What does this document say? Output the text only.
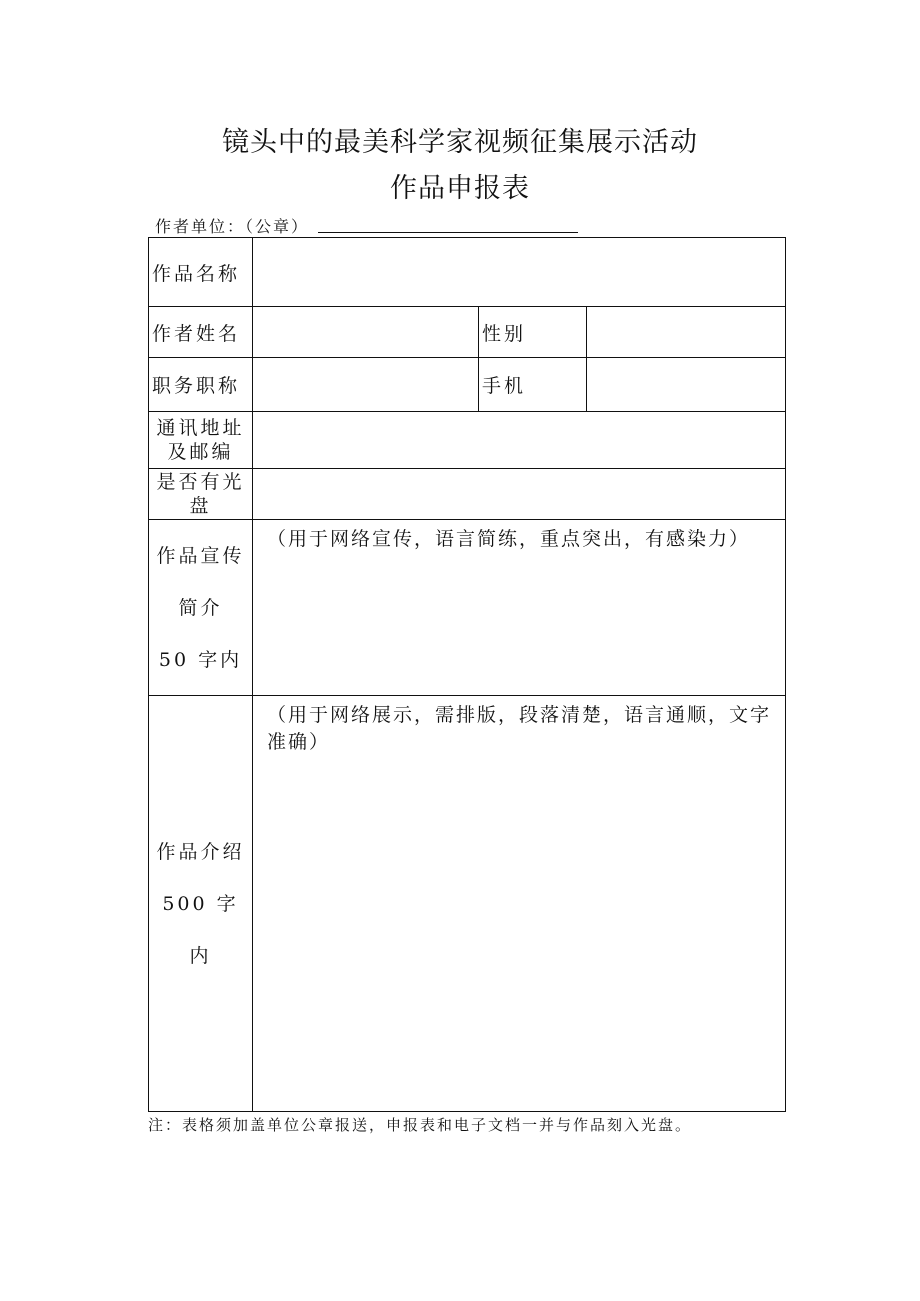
镜头中的最美科学家视频征集展示活动
作品申报表
作者单位：（公章）
作品名称			
作者姓名		性别	
职务职称		手机	

通讯地址
及邮编			

是否有光
盘			

作品宣传
简介
50 字内	（用于网络宣传，语言简练，重点突出，有感染力）		

作品介绍
500 字
内	（用于网络展示，需排版，段落清楚，语言通顺，文字准确）		
注：表格须加盖单位公章报送，申报表和电子文档一并与作品刻入光盘。
